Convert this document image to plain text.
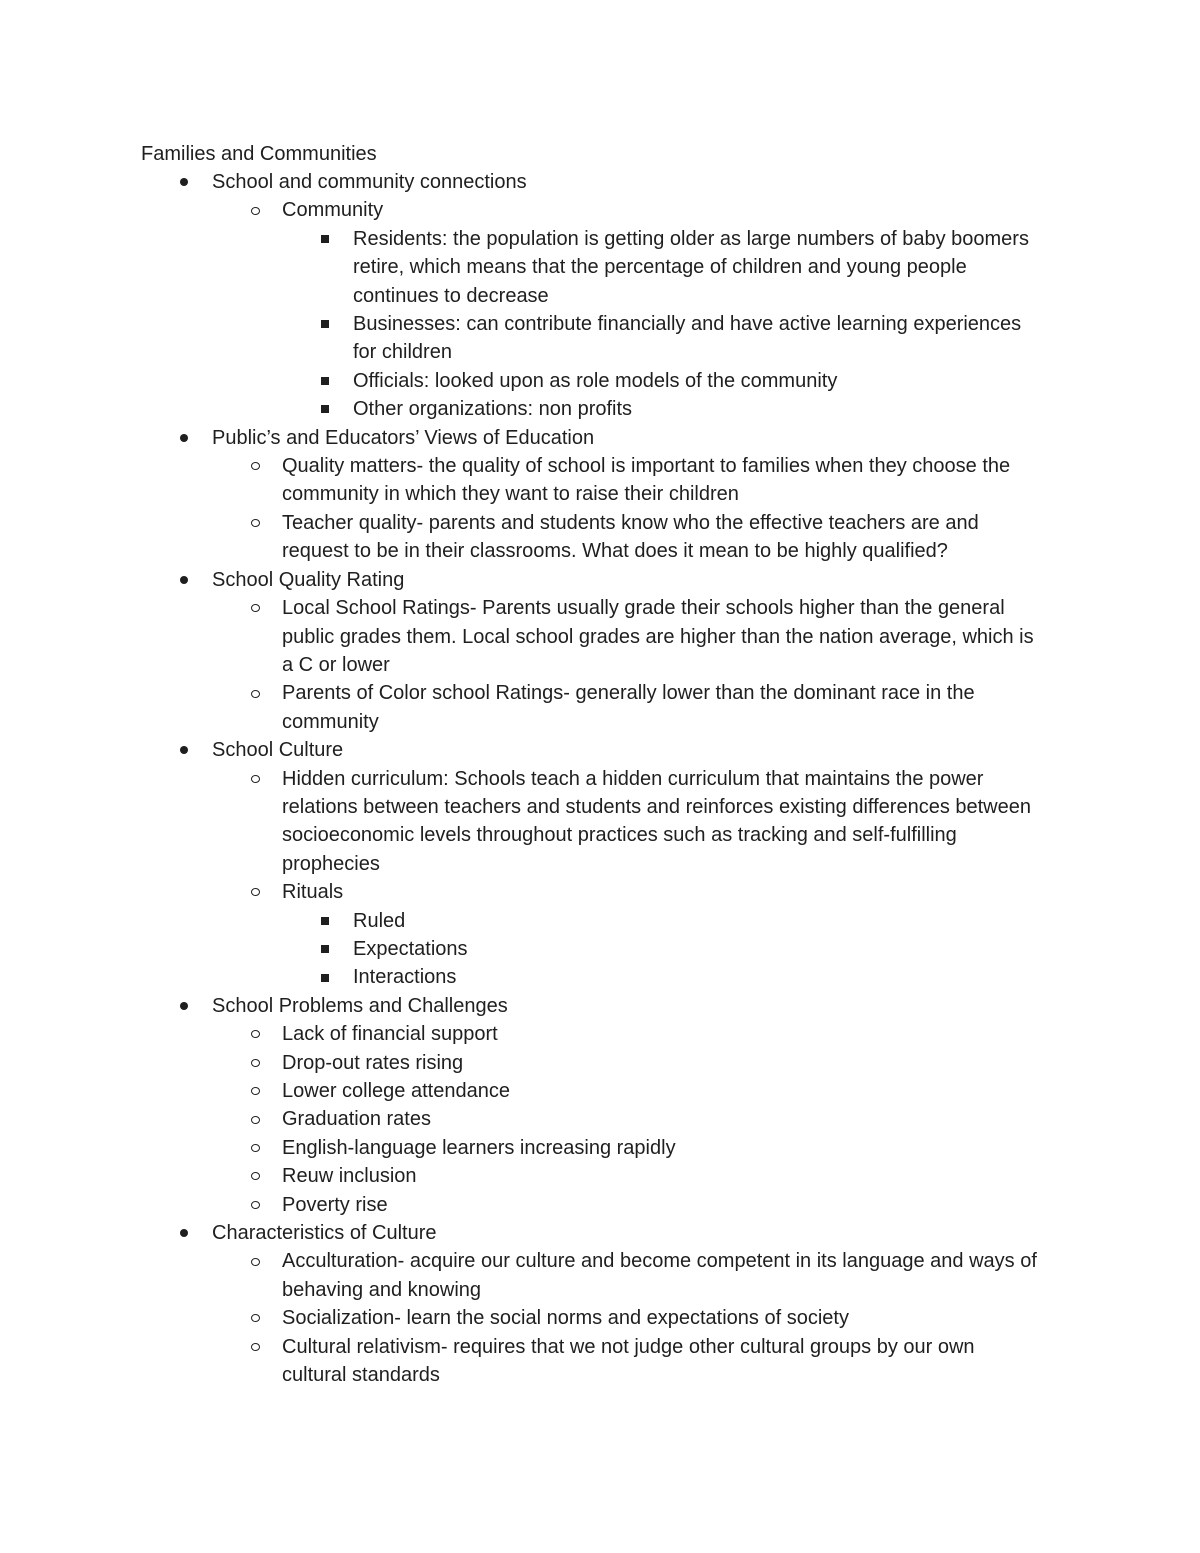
Families and Communities
School and community connections
Community
Residents: the population is getting older as large numbers of baby boomers retire, which means that the percentage of children and young people continues to decrease
Businesses: can contribute financially and have active learning experiences for children
Officials: looked upon as role models of the community
Other organizations: non profits
Public’s and Educators’ Views of Education
Quality matters- the quality of school is important to families when they choose the community in which they want to raise their children
Teacher quality- parents and students know who the effective teachers are and request to be in their classrooms. What does it mean to be highly qualified?
School Quality Rating
Local School Ratings- Parents usually grade their schools higher than the general public grades them. Local school grades are higher than the nation average, which is a C or lower
Parents of Color school Ratings- generally lower than the dominant race in the community
School Culture
Hidden curriculum: Schools teach a hidden curriculum that maintains the power relations between teachers and students and reinforces existing differences between socioeconomic levels throughout practices such as tracking and self-fulfilling prophecies
Rituals
Ruled
Expectations
Interactions
School Problems and Challenges
Lack of financial support
Drop-out rates rising
Lower college attendance
Graduation rates
English-language learners increasing rapidly
Reuw inclusion
Poverty rise
Characteristics of Culture
Acculturation- acquire our culture and become competent in its language and ways of behaving and knowing
Socialization- learn the social norms and expectations of society
Cultural relativism- requires that we not judge other cultural groups by our own cultural standards
